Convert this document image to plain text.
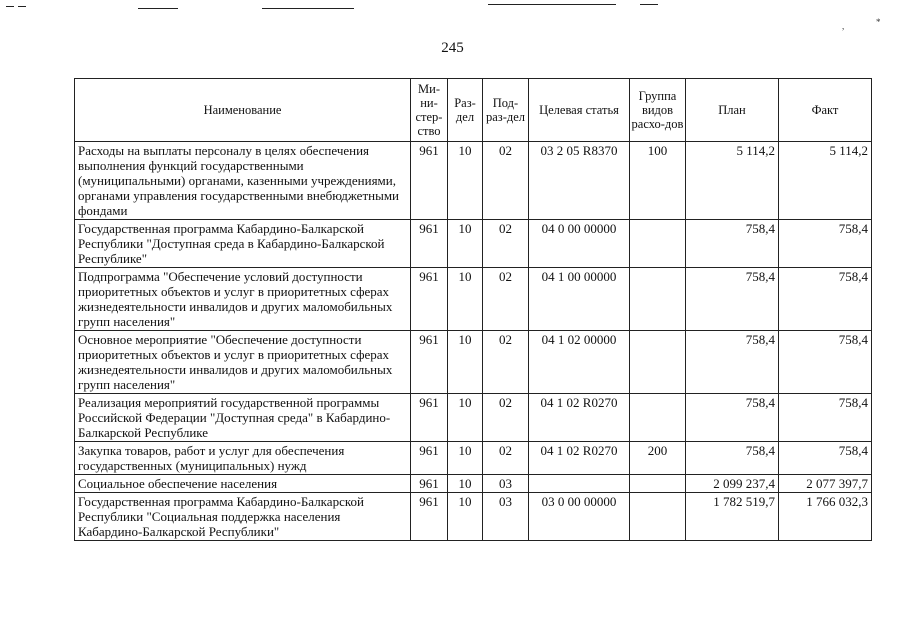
*
,
245
Наименование	Ми-ни-стер-ство	Раз-дел	Под-раз-дел	Целевая статья	Группа видов расхо-дов	План	Факт
Расходы на выплаты персоналу в целях обеспечения выполнения функций государственными (муниципальными) органами, казенными учреждениями, органами управления государственными внебюджетными фондами	961	10	02	03 2 05 R8370	100	5 114,2	5 114,2
Государственная программа Кабардино-Балкарской Республики "Доступная среда в Кабардино-Балкарской Республике"	961	10	02	04 0 00 00000		758,4	758,4
Подпрограмма "Обеспечение условий доступности приоритетных объектов и услуг в приоритетных сферах жизнедеятельности инвалидов и других маломобильных групп населения"	961	10	02	04 1 00 00000		758,4	758,4
Основное мероприятие "Обеспечение доступности приоритетных объектов и услуг в приоритетных сферах жизнедеятельности инвалидов и других маломобильных групп населения"	961	10	02	04 1 02 00000		758,4	758,4
Реализация мероприятий государственной программы Российской Федерации "Доступная среда" в Кабардино-Балкарской Республике	961	10	02	04 1 02 R0270		758,4	758,4
Закупка товаров, работ и услуг для обеспечения государственных (муниципальных) нужд	961	10	02	04 1 02 R0270	200	758,4	758,4
Социальное обеспечение населения	961	10	03			2 099 237,4	2 077 397,7
Государственная программа Кабардино-Балкарской Республики "Социальная поддержка населения Кабардино-Балкарской Республики"	961	10	03	03 0 00 00000		1 782 519,7	1 766 032,3
